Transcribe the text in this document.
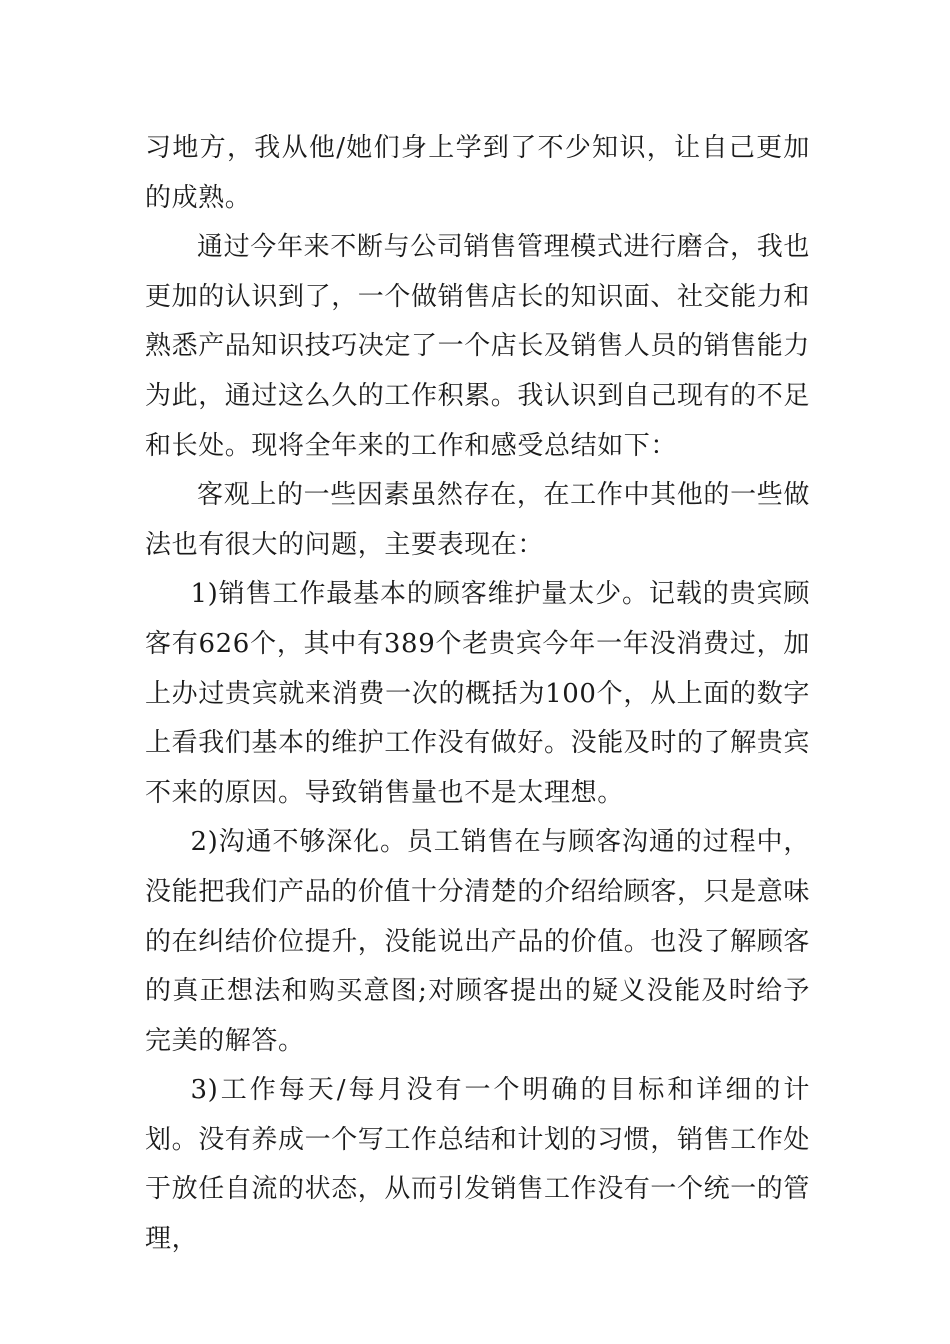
习地方，我从他/她们身上学到了不少知识，让自己更加的成熟。

通过今年来不断与公司销售管理模式进行磨合，我也更加的认识到了，一个做销售店长的知识面、社交能力和熟悉产品知识技巧决定了一个店长及销售人员的销售能力为此，通过这么久的工作积累。我认识到自己现有的不足和长处。现将全年来的工作和感受总结如下：

客观上的一些因素虽然存在，在工作中其他的一些做法也有很大的问题，主要表现在：

1)销售工作最基本的顾客维护量太少。记载的贵宾顾客有626个，其中有389个老贵宾今年一年没消费过，加上办过贵宾就来消费一次的概括为100个，从上面的数字上看我们基本的维护工作没有做好。没能及时的了解贵宾不来的原因。导致销售量也不是太理想。

2)沟通不够深化。员工销售在与顾客沟通的过程中，没能把我们产品的价值十分清楚的介绍给顾客，只是意味的在纠结价位提升，没能说出产品的价值。也没了解顾客的真正想法和购买意图;对顾客提出的疑义没能及时给予完美的解答。

3)工作每天/每月没有一个明确的目标和详细的计划。没有养成一个写工作总结和计划的习惯，销售工作处于放任自流的状态，从而引发销售工作没有一个统一的管理，
